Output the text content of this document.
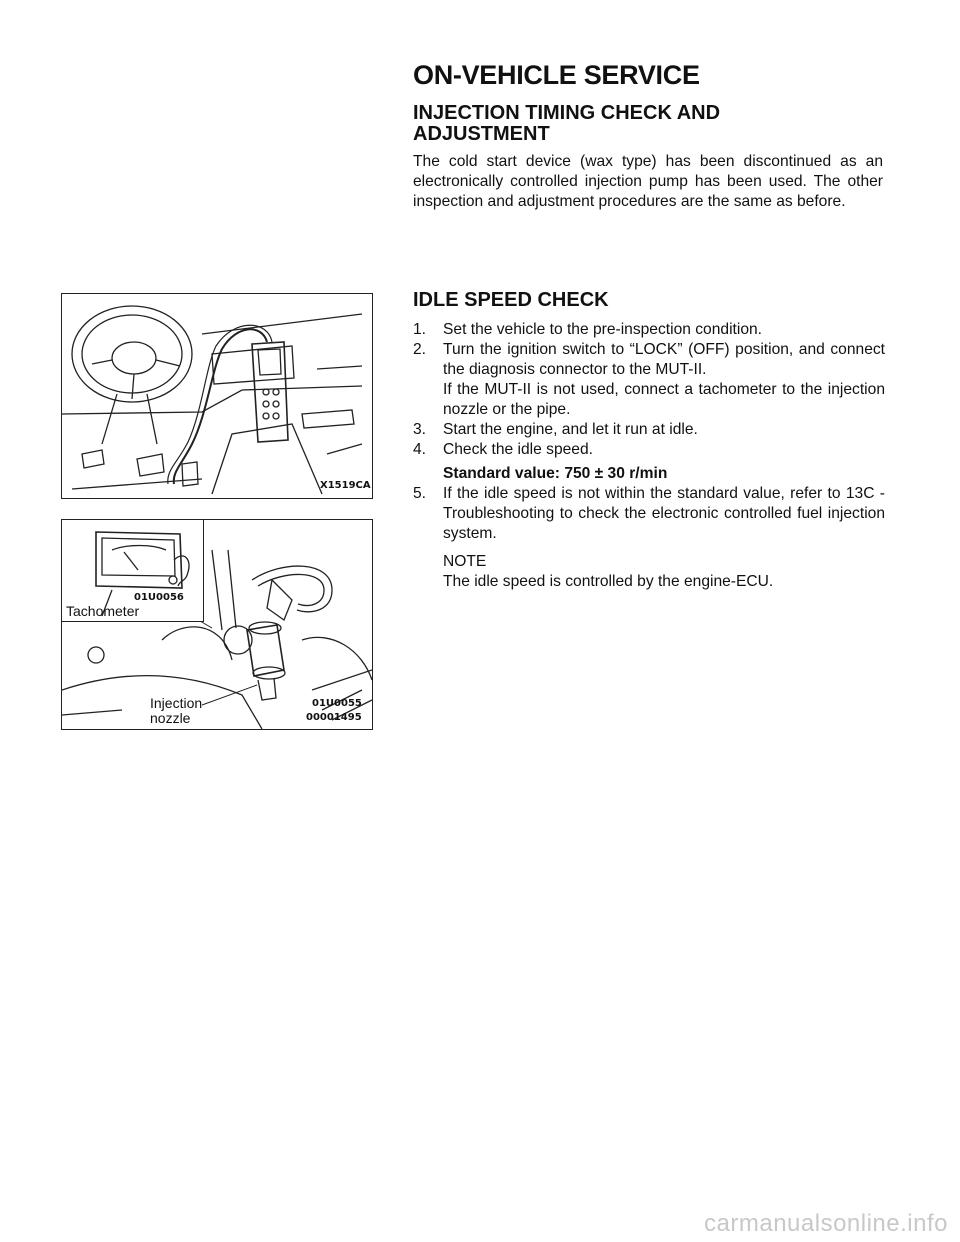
ON-VEHICLE SERVICE
INJECTION TIMING CHECK AND
ADJUSTMENT
The cold start device (wax type) has been discontinued as an electronically controlled injection pump has been used. The other inspection and adjustment procedures are the same as before.
X1519CA
01U0056
Tachometer
Injection
nozzle
01U0055
00001495
IDLE SPEED CHECK
1. Set the vehicle to the pre-inspection condition.
2. Turn the ignition switch to “LOCK” (OFF) position, and connect the diagnosis connector to the MUT-II.
If the MUT-II is not used, connect a tachometer to the injection nozzle or the pipe.
3. Start the engine, and let it run at idle.
4. Check the idle speed.
Standard value: 750 ± 30 r/min
5. If the idle speed is not within the standard value, refer to 13C - Troubleshooting to check the electronic controlled fuel injection system.
NOTE
The idle speed is controlled by the engine-ECU.
carmanualsonline.info
